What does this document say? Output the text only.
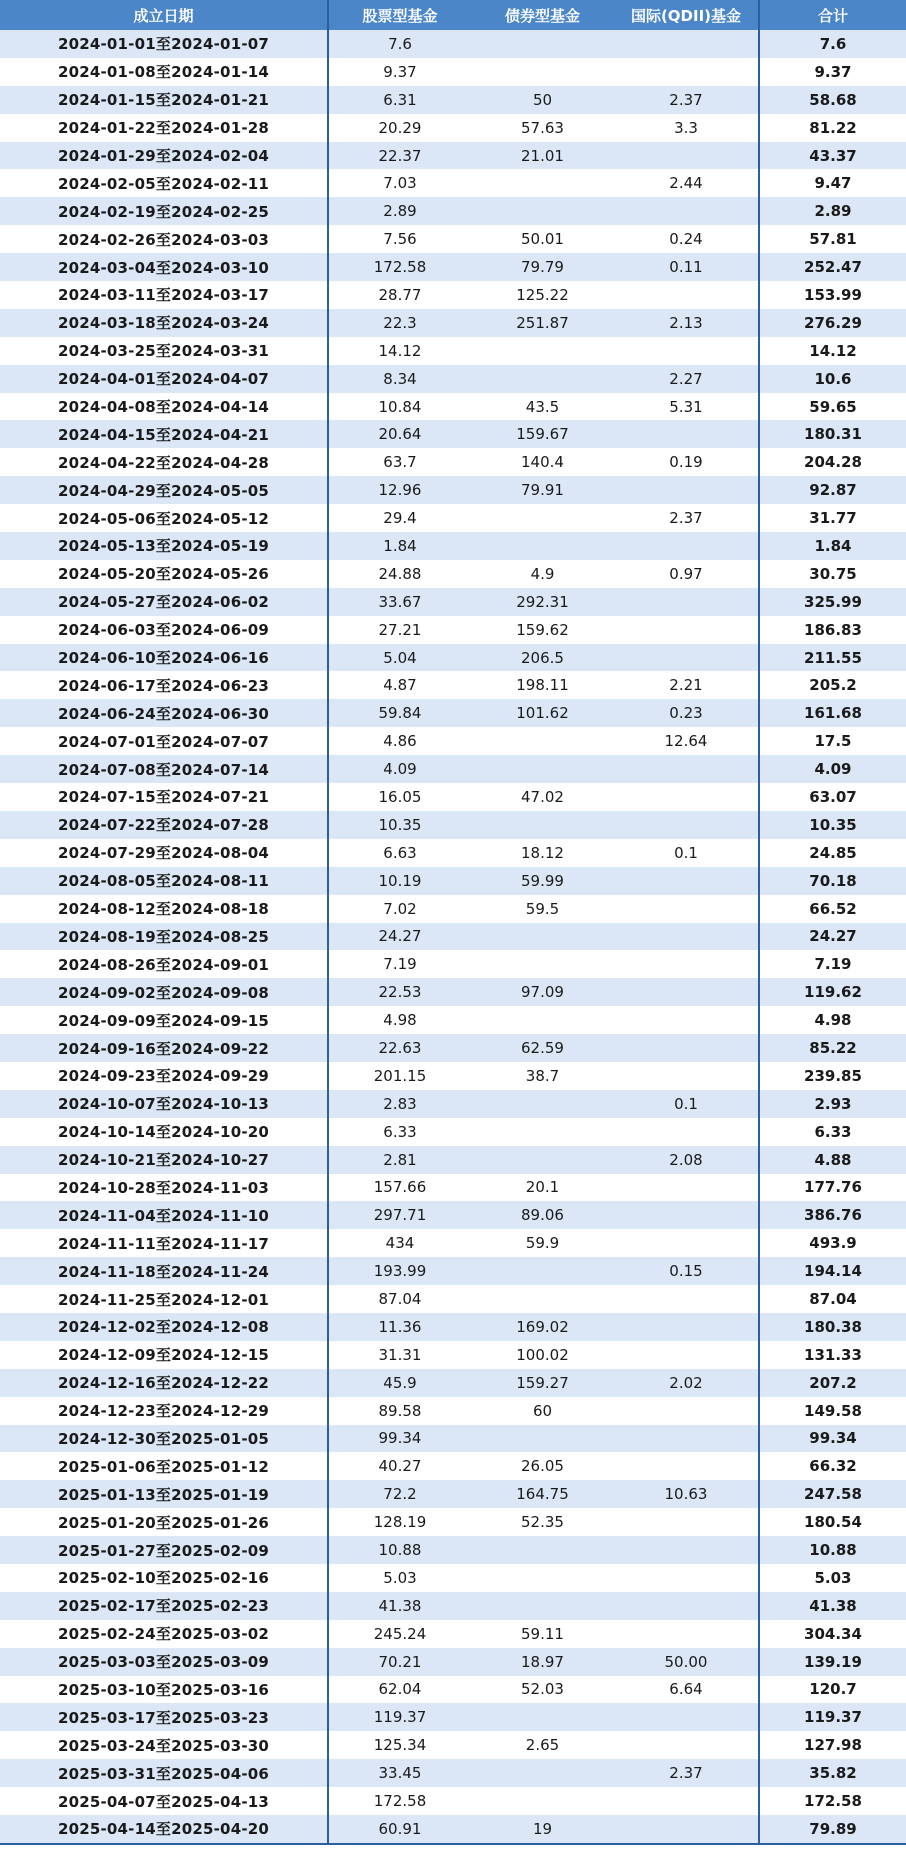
成立日期	股票型基金	债券型基金	国际(QDII)基金	合计
2024-01-01至2024-01-07	7.6			7.6
2024-01-08至2024-01-14	9.37			9.37
2024-01-15至2024-01-21	6.31	50	2.37	58.68
2024-01-22至2024-01-28	20.29	57.63	3.3	81.22
2024-01-29至2024-02-04	22.37	21.01		43.37
2024-02-05至2024-02-11	7.03		2.44	9.47
2024-02-19至2024-02-25	2.89			2.89
2024-02-26至2024-03-03	7.56	50.01	0.24	57.81
2024-03-04至2024-03-10	172.58	79.79	0.11	252.47
2024-03-11至2024-03-17	28.77	125.22		153.99
2024-03-18至2024-03-24	22.3	251.87	2.13	276.29
2024-03-25至2024-03-31	14.12			14.12
2024-04-01至2024-04-07	8.34		2.27	10.6
2024-04-08至2024-04-14	10.84	43.5	5.31	59.65
2024-04-15至2024-04-21	20.64	159.67		180.31
2024-04-22至2024-04-28	63.7	140.4	0.19	204.28
2024-04-29至2024-05-05	12.96	79.91		92.87
2024-05-06至2024-05-12	29.4		2.37	31.77
2024-05-13至2024-05-19	1.84			1.84
2024-05-20至2024-05-26	24.88	4.9	0.97	30.75
2024-05-27至2024-06-02	33.67	292.31		325.99
2024-06-03至2024-06-09	27.21	159.62		186.83
2024-06-10至2024-06-16	5.04	206.5		211.55
2024-06-17至2024-06-23	4.87	198.11	2.21	205.2
2024-06-24至2024-06-30	59.84	101.62	0.23	161.68
2024-07-01至2024-07-07	4.86		12.64	17.5
2024-07-08至2024-07-14	4.09			4.09
2024-07-15至2024-07-21	16.05	47.02		63.07
2024-07-22至2024-07-28	10.35			10.35
2024-07-29至2024-08-04	6.63	18.12	0.1	24.85
2024-08-05至2024-08-11	10.19	59.99		70.18
2024-08-12至2024-08-18	7.02	59.5		66.52
2024-08-19至2024-08-25	24.27			24.27
2024-08-26至2024-09-01	7.19			7.19
2024-09-02至2024-09-08	22.53	97.09		119.62
2024-09-09至2024-09-15	4.98			4.98
2024-09-16至2024-09-22	22.63	62.59		85.22
2024-09-23至2024-09-29	201.15	38.7		239.85
2024-10-07至2024-10-13	2.83		0.1	2.93
2024-10-14至2024-10-20	6.33			6.33
2024-10-21至2024-10-27	2.81		2.08	4.88
2024-10-28至2024-11-03	157.66	20.1		177.76
2024-11-04至2024-11-10	297.71	89.06		386.76
2024-11-11至2024-11-17	434	59.9		493.9
2024-11-18至2024-11-24	193.99		0.15	194.14
2024-11-25至2024-12-01	87.04			87.04
2024-12-02至2024-12-08	11.36	169.02		180.38
2024-12-09至2024-12-15	31.31	100.02		131.33
2024-12-16至2024-12-22	45.9	159.27	2.02	207.2
2024-12-23至2024-12-29	89.58	60		149.58
2024-12-30至2025-01-05	99.34			99.34
2025-01-06至2025-01-12	40.27	26.05		66.32
2025-01-13至2025-01-19	72.2	164.75	10.63	247.58
2025-01-20至2025-01-26	128.19	52.35		180.54
2025-01-27至2025-02-09	10.88			10.88
2025-02-10至2025-02-16	5.03			5.03
2025-02-17至2025-02-23	41.38			41.38
2025-02-24至2025-03-02	245.24	59.11		304.34
2025-03-03至2025-03-09	70.21	18.97	50.00	139.19
2025-03-10至2025-03-16	62.04	52.03	6.64	120.7
2025-03-17至2025-03-23	119.37			119.37
2025-03-24至2025-03-30	125.34	2.65		127.98
2025-03-31至2025-04-06	33.45		2.37	35.82
2025-04-07至2025-04-13	172.58			172.58
2025-04-14至2025-04-20	60.91	19		79.89
